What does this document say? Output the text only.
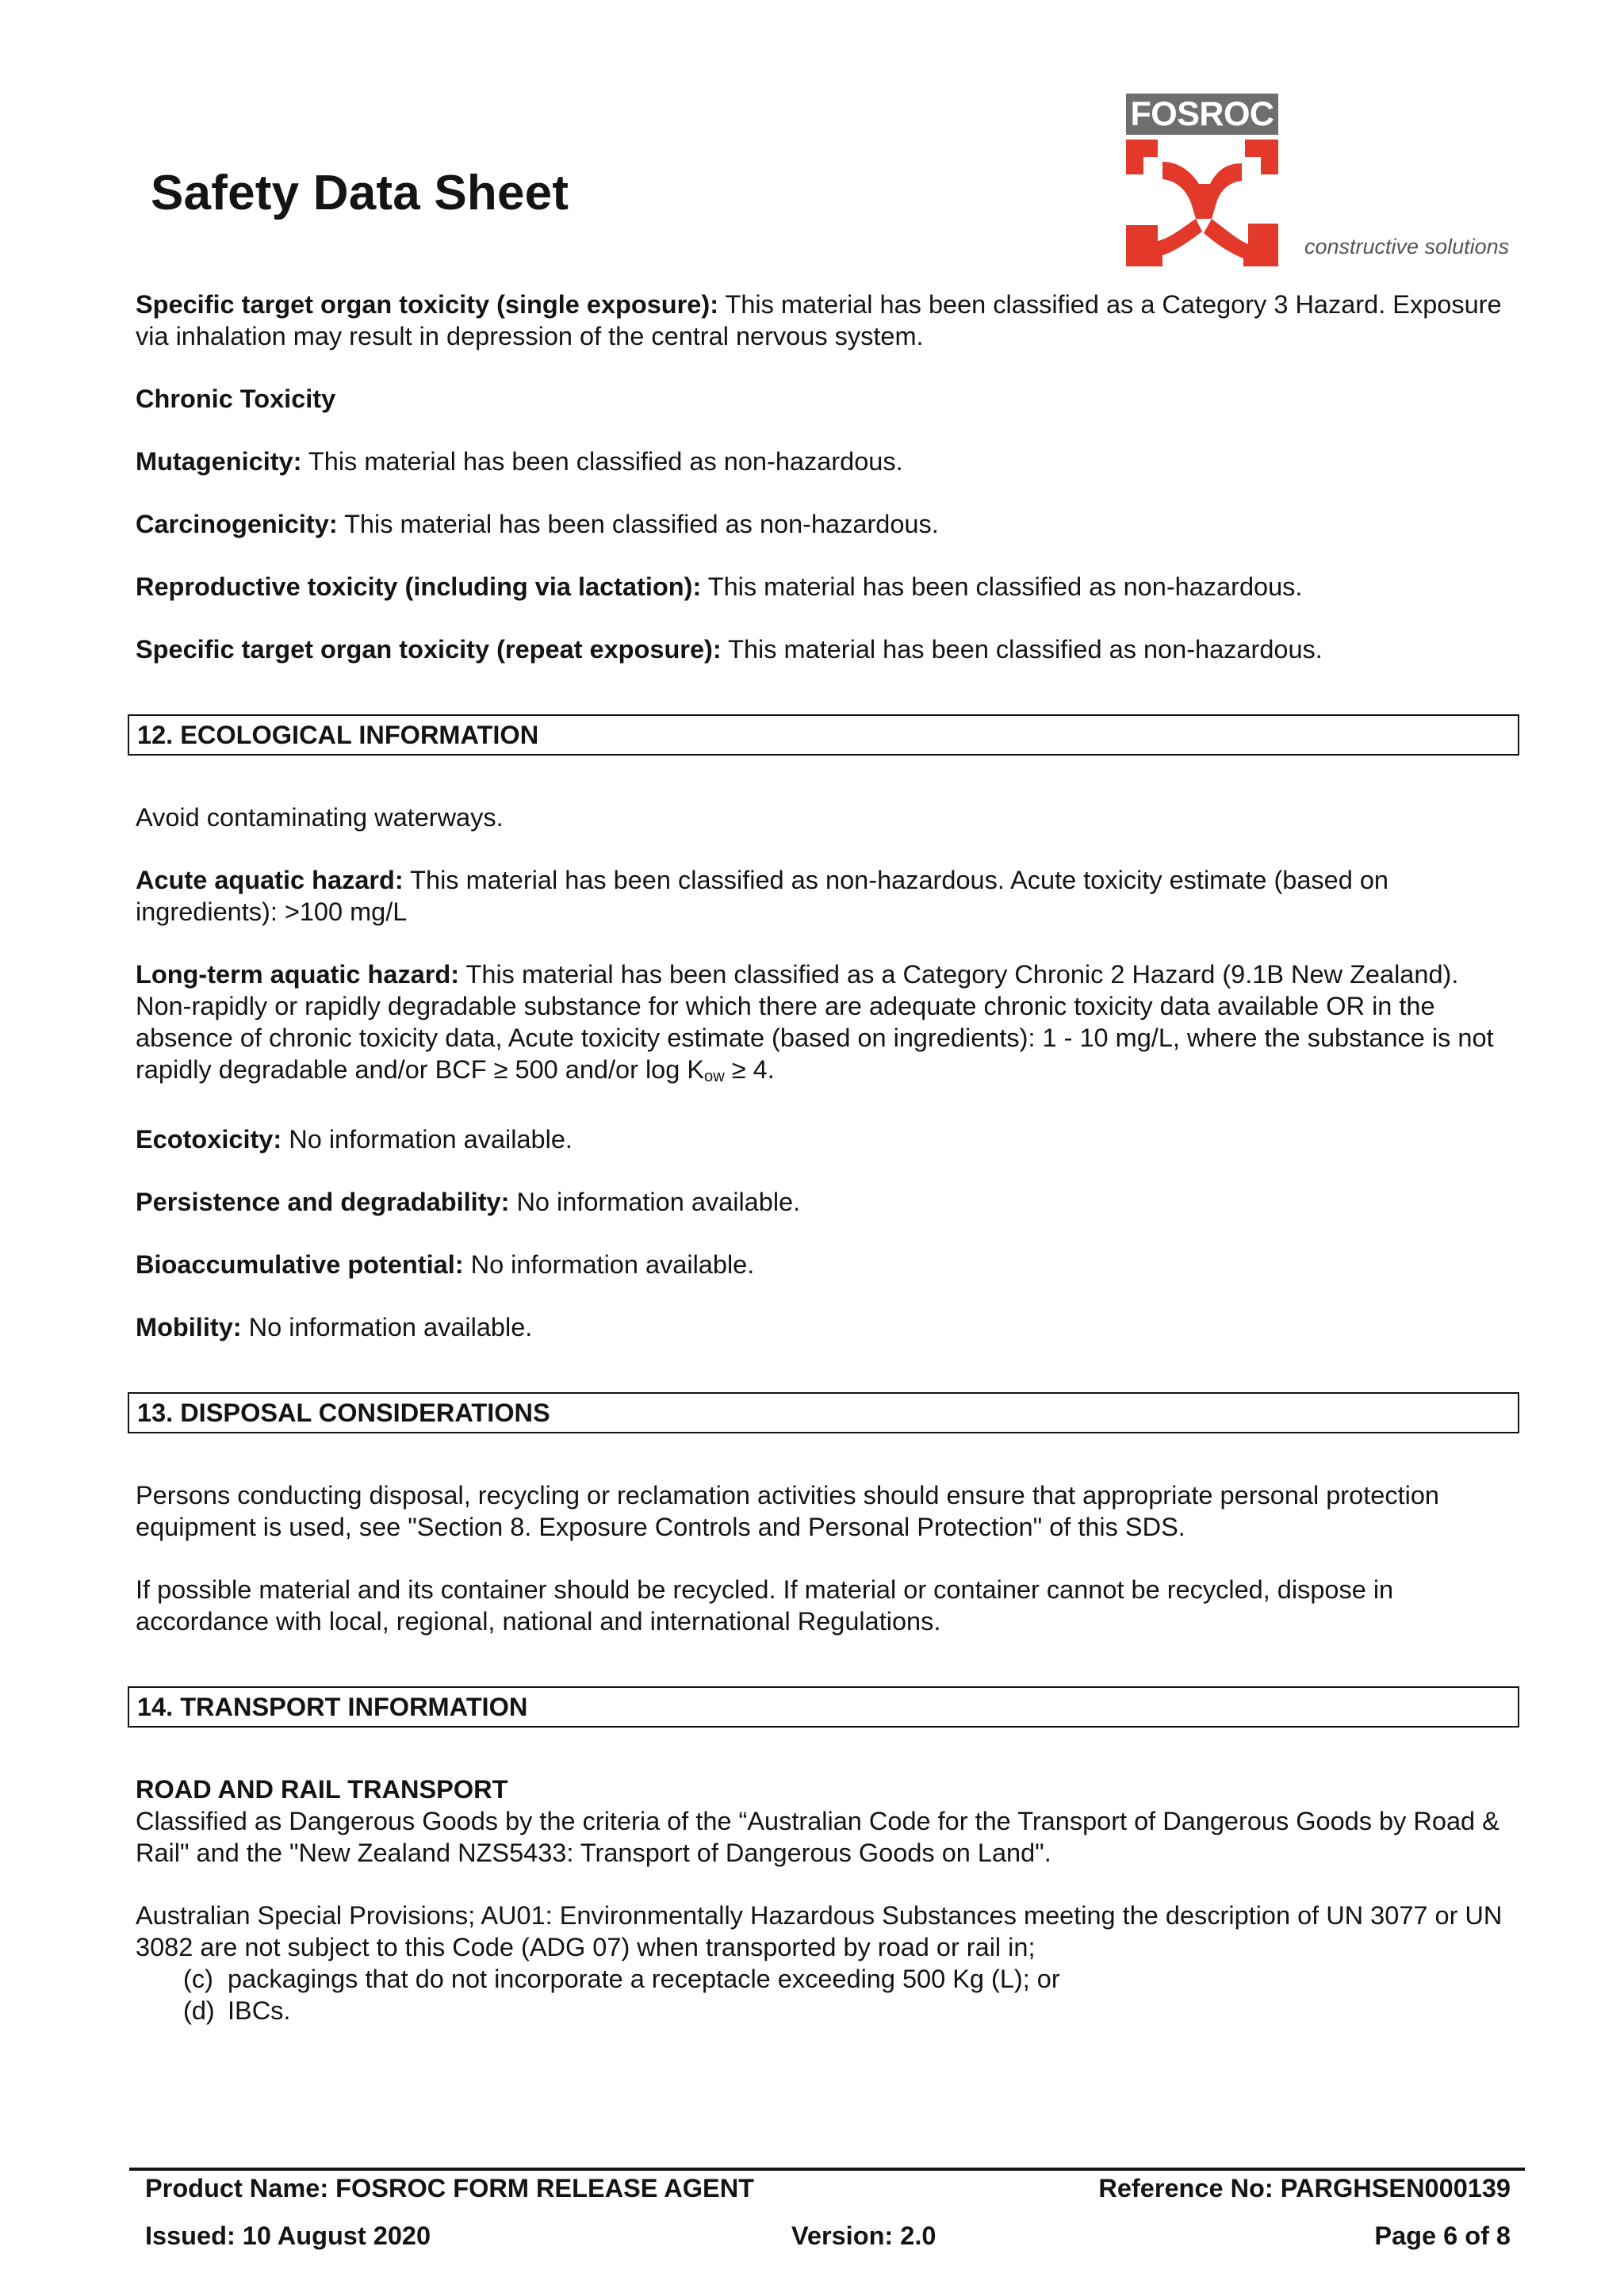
Safety Data Sheet
FOSROC
constructive solutions

Specific target organ toxicity (single exposure): This material has been classified as a Category 3 Hazard. Exposure via inhalation may result in depression of the central nervous system.

Chronic Toxicity

Mutagenicity: This material has been classified as non-hazardous.

Carcinogenicity: This material has been classified as non-hazardous.

Reproductive toxicity (including via lactation): This material has been classified as non-hazardous.

Specific target organ toxicity (repeat exposure): This material has been classified as non-hazardous.

12. ECOLOGICAL INFORMATION

Avoid contaminating waterways.

Acute aquatic hazard: This material has been classified as non-hazardous. Acute toxicity estimate (based on ingredients): >100 mg/L

Long-term aquatic hazard: This material has been classified as a Category Chronic 2 Hazard (9.1B New Zealand). Non-rapidly or rapidly degradable substance for which there are adequate chronic toxicity data available OR in the absence of chronic toxicity data, Acute toxicity estimate (based on ingredients): 1 - 10 mg/L, where the substance is not rapidly degradable and/or BCF ≥ 500 and/or $\log K_{ow} \ge 4$.

Ecotoxicity: No information available.

Persistence and degradability: No information available.

Bioaccumulative potential: No information available.

Mobility: No information available.

13. DISPOSAL CONSIDERATIONS

Persons conducting disposal, recycling or reclamation activities should ensure that appropriate personal protection equipment is used, see "Section 8. Exposure Controls and Personal Protection" of this SDS.

If possible material and its container should be recycled. If material or container cannot be recycled, dispose in accordance with local, regional, national and international Regulations.

14. TRANSPORT INFORMATION

ROAD AND RAIL TRANSPORT
Classified as Dangerous Goods by the criteria of the “Australian Code for the Transport of Dangerous Goods by Road & Rail" and the "New Zealand NZS5433: Transport of Dangerous Goods on Land".

Australian Special Provisions; AU01: Environmentally Hazardous Substances meeting the description of UN 3077 or UN 3082 are not subject to this Code (ADG 07) when transported by road or rail in;
(c) packagings that do not incorporate a receptacle exceeding 500 Kg (L); or
(d) IBCs.
Product Name: FOSROC FORM RELEASE AGENT	Reference No: PARGHSEN000139
Issued: 10 August 2020	Version: 2.0	Page 6 of 8
